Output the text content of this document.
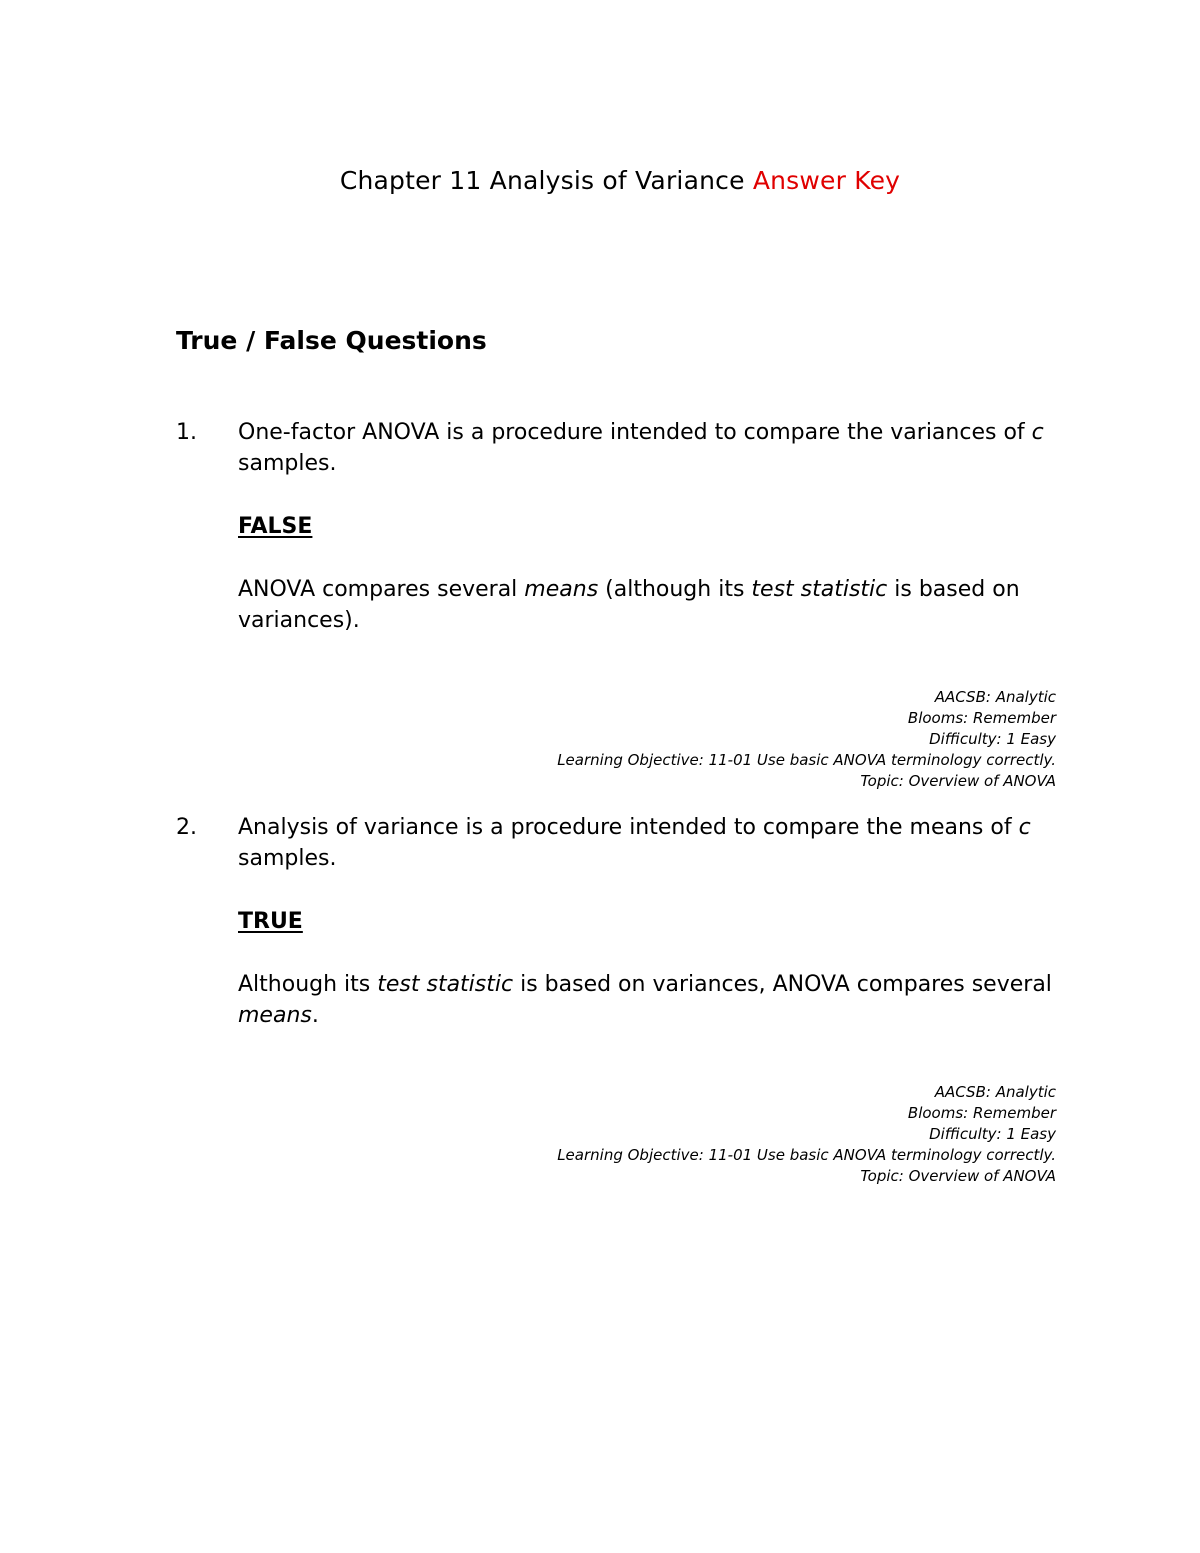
Chapter 11 Analysis of Variance Answer Key
True / False Questions
1. One-factor ANOVA is a procedure intended to compare the variances of c samples.

FALSE

ANOVA compares several means (although its test statistic is based on variances).

AACSB: Analytic
Blooms: Remember
Difficulty: 1 Easy
Learning Objective: 11-01 Use basic ANOVA terminology correctly.
Topic: Overview of ANOVA
2. Analysis of variance is a procedure intended to compare the means of c samples.

TRUE

Although its test statistic is based on variances, ANOVA compares several means.

AACSB: Analytic
Blooms: Remember
Difficulty: 1 Easy
Learning Objective: 11-01 Use basic ANOVA terminology correctly.
Topic: Overview of ANOVA
